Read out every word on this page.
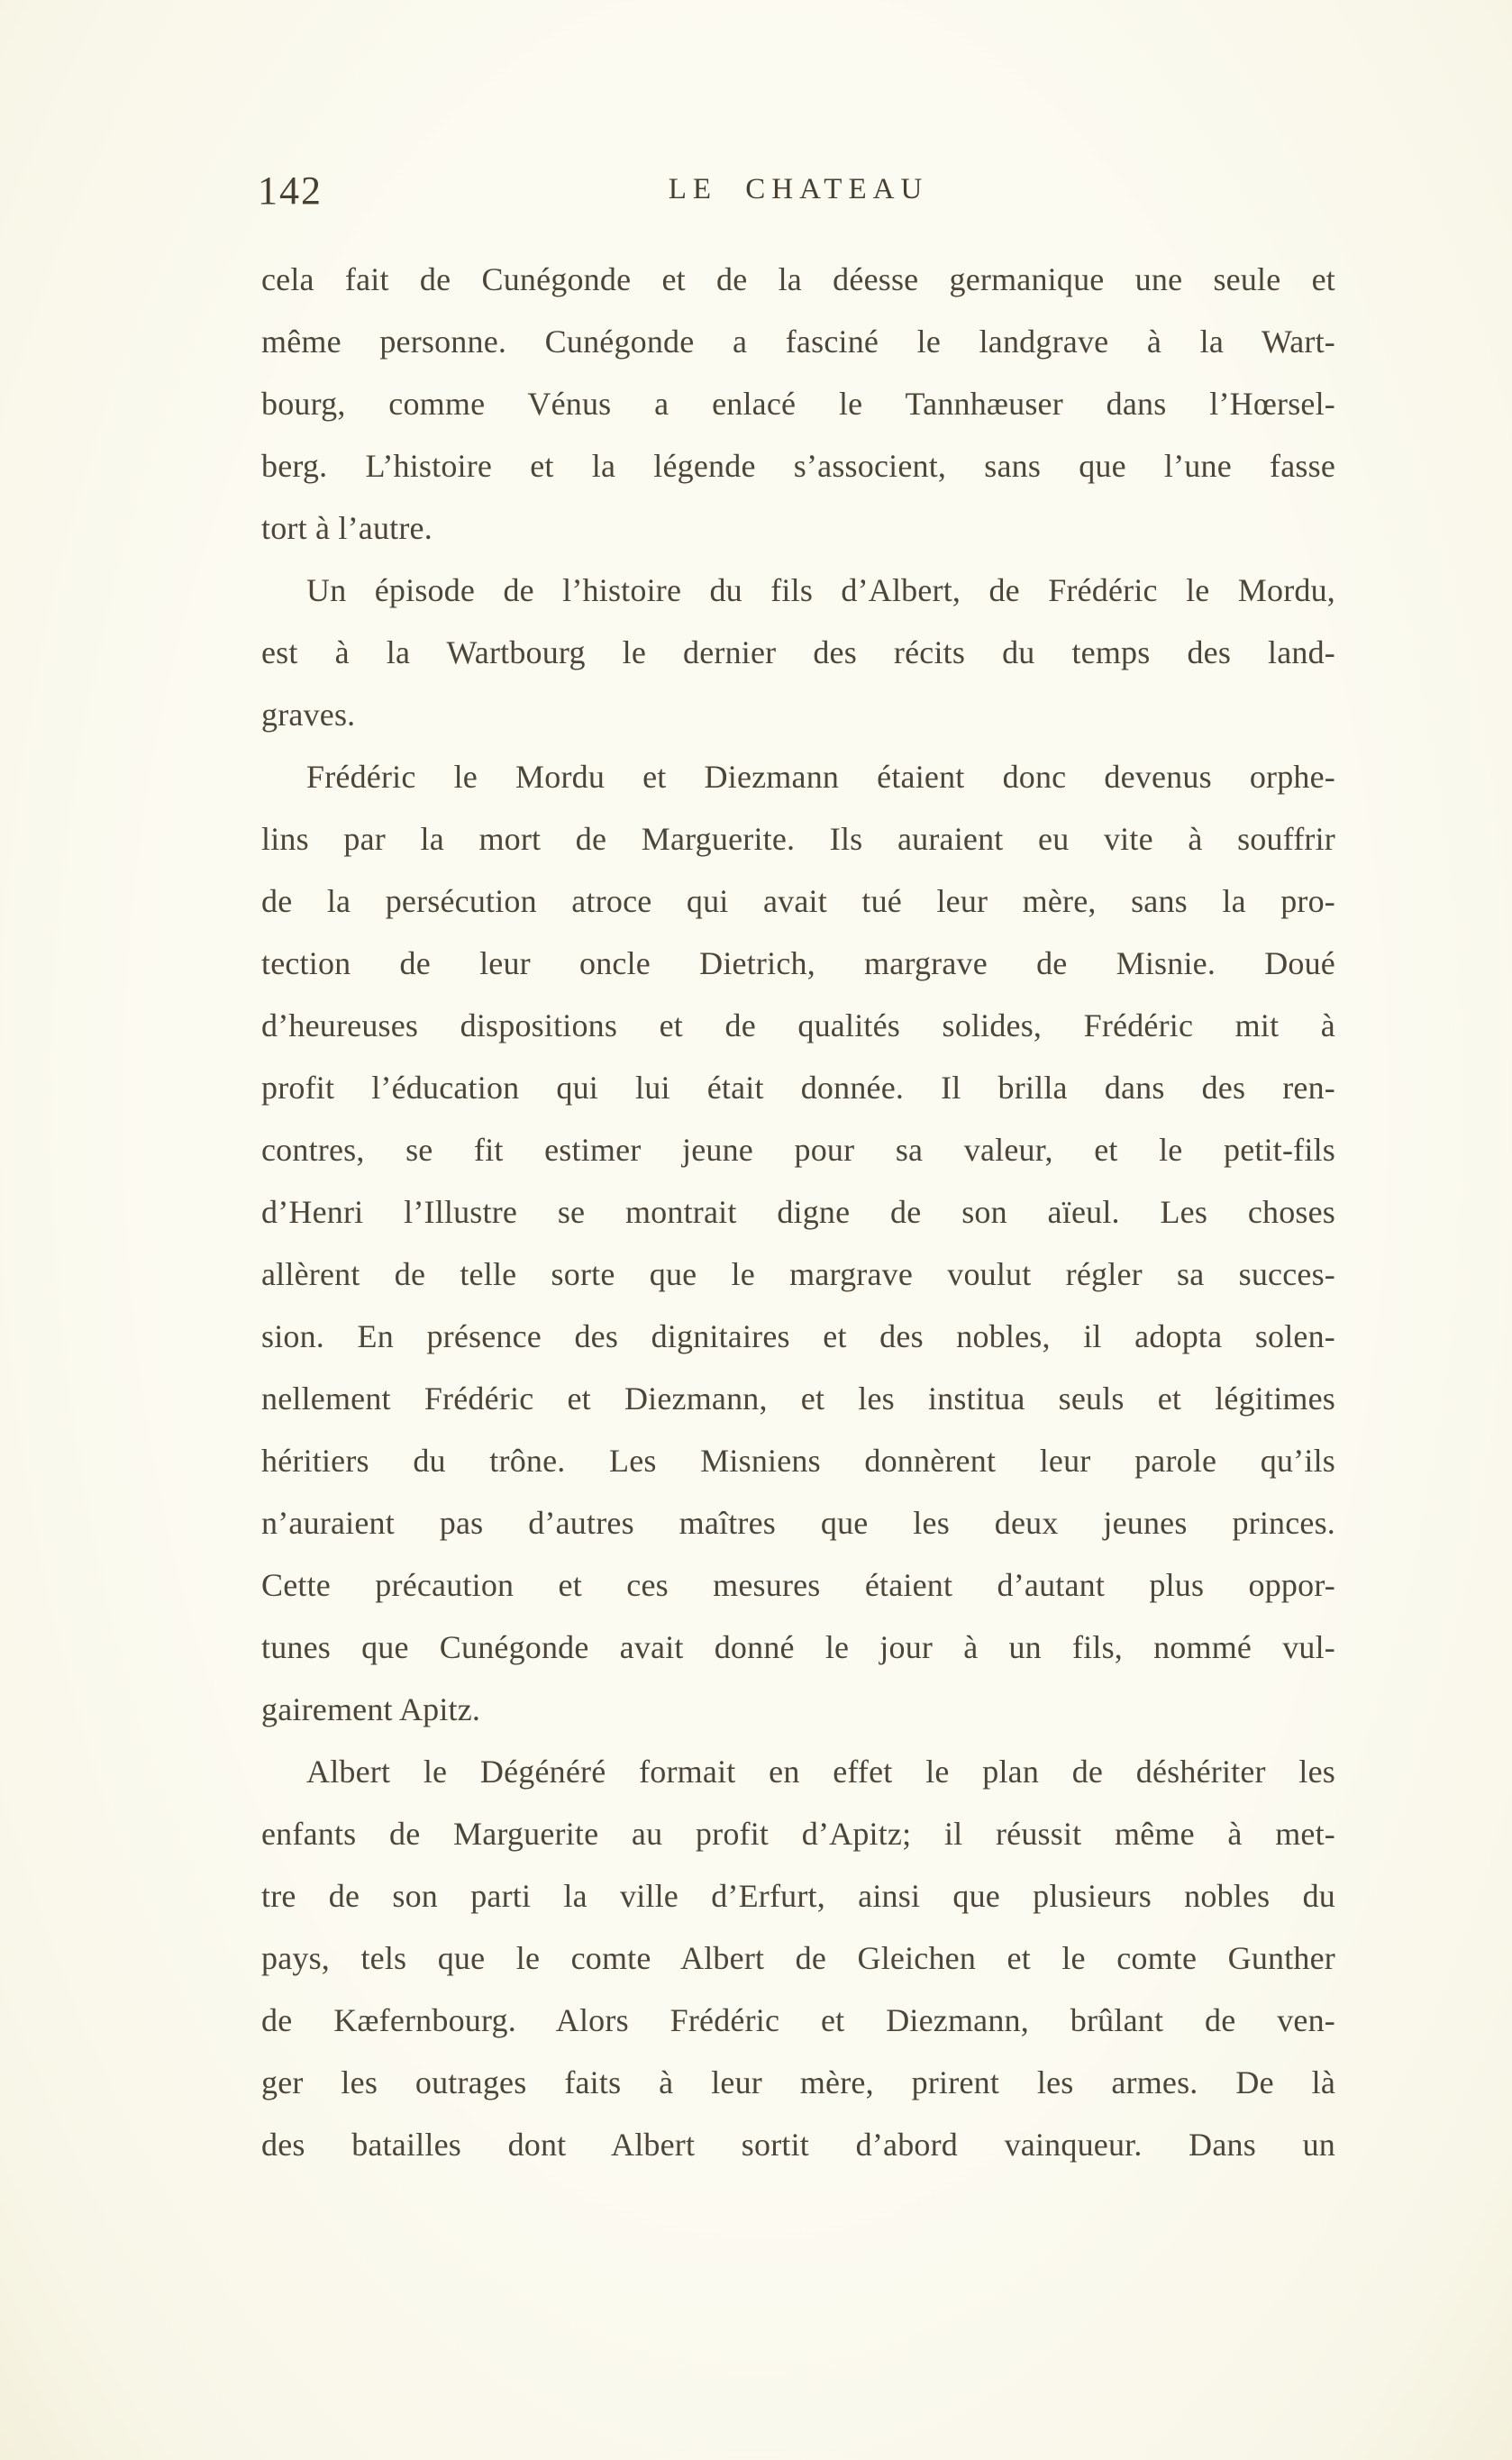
142	LE CHATEAU
cela fait de Cunégonde et de la déesse germanique une seule et
même personne. Cunégonde a fasciné le landgrave à la Wart-
bourg, comme Vénus a enlacé le Tannhæuser dans l’Hœrsel-
berg. L’histoire et la légende s’associent, sans que l’une fasse
tort à l’autre.
Un épisode de l’histoire du fils d’Albert, de Frédéric le Mordu,
est à la Wartbourg le dernier des récits du temps des land-
graves.
Frédéric le Mordu et Diezmann étaient donc devenus orphe-
lins par la mort de Marguerite. Ils auraient eu vite à souffrir
de la persécution atroce qui avait tué leur mère, sans la pro-
tection de leur oncle Dietrich, margrave de Misnie. Doué
d’heureuses dispositions et de qualités solides, Frédéric mit à
profit l’éducation qui lui était donnée. Il brilla dans des ren-
contres, se fit estimer jeune pour sa valeur, et le petit-fils
d’Henri l’Illustre se montrait digne de son aïeul. Les choses
allèrent de telle sorte que le margrave voulut régler sa succes-
sion. En présence des dignitaires et des nobles, il adopta solen-
nellement Frédéric et Diezmann, et les institua seuls et légitimes
héritiers du trône. Les Misniens donnèrent leur parole qu’ils
n’auraient pas d’autres maîtres que les deux jeunes princes.
Cette précaution et ces mesures étaient d’autant plus oppor-
tunes que Cunégonde avait donné le jour à un fils, nommé vul-
gairement Apitz.
Albert le Dégénéré formait en effet le plan de déshériter les
enfants de Marguerite au profit d’Apitz; il réussit même à met-
tre de son parti la ville d’Erfurt, ainsi que plusieurs nobles du
pays, tels que le comte Albert de Gleichen et le comte Gunther
de Kæfernbourg. Alors Frédéric et Diezmann, brûlant de ven-
ger les outrages faits à leur mère, prirent les armes. De là
des batailles dont Albert sortit d’abord vainqueur. Dans un
